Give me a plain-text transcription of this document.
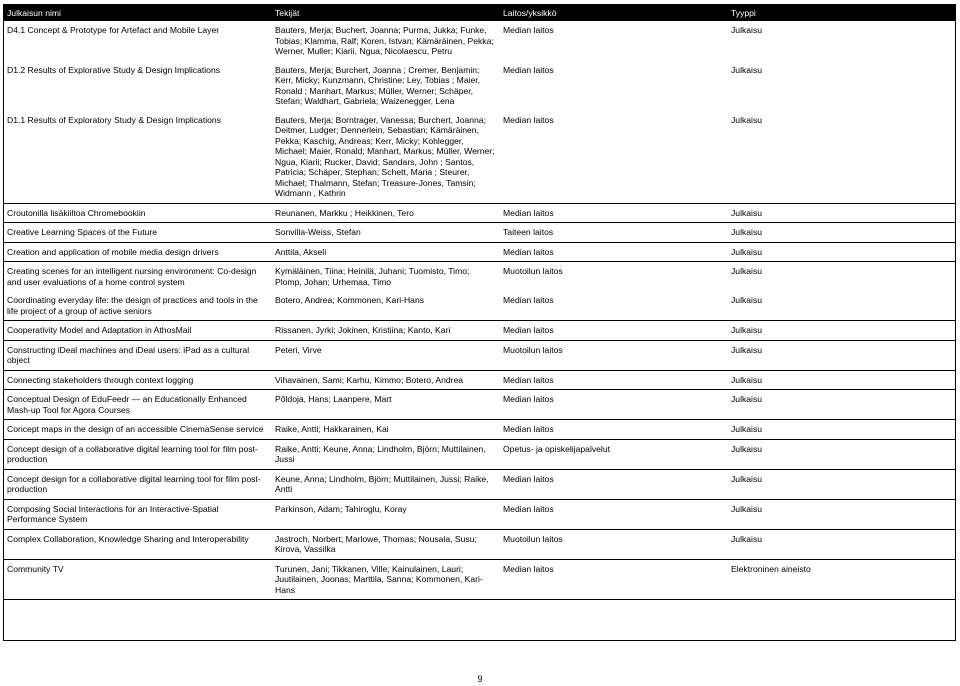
Julkaisun nimi	Tekijät	Laitos/yksikkö	Tyyppi

D4.1 Concept & Prototype for Artefact and Mobile Layer	Bauters, Merja; Buchert, Joanna; Purma, Jukka; Funke, Tobias; Klamma, Ralf; Koren, Istvan; Kämäräinen, Pekka; Werner, Muller; Kiarii, Ngua; Nicolaescu, Petru	Median laitos	Julkaisu

D1.2 Results of Explorative Study & Design Implications	Bauters, Merja; Burchert, Joanna ; Cremer, Benjamin; Kerr, Micky; Kunzmann, Christine; Ley, Tobias ; Maier, Ronald ; Manhart, Markus; Müller, Werner; Schäper, Stefan; Waldhart, Gabriela; Waizenegger, Lena	Median laitos	Julkaisu

D1.1 Results of Exploratory Study & Design Implications	Bauters, Merja; Borntrager, Vanessa; Burchert, Joanna; Deitmer, Ludger; Dennerlein, Sebastian; Kämäräinen, Pekka; Kaschig, Andreas; Kerr, Micky; Kohlegger, Michael; Maier, Ronald; Manhart, Markus; Müller, Werner; Ngua, Kiarii; Rucker, David; Sandars, John ; Santos, Patricia; Schäper, Stephan; Schett, Maria ; Steurer, Michael; Thalmann, Stefan; Treasure-Jones, Tamsin; Widmann , Kathrin	Median laitos	Julkaisu

Croutonilla lisäkiiltoa Chromebookiin	Reunanen, Markku ; Heikkinen, Tero	Median laitos	Julkaisu

Creative Learning Spaces of the Future	Sonvilla-Weiss, Stefan	Taiteen laitos	Julkaisu

Creation and application of mobile media design drivers	Anttila, Akseli	Median laitos	Julkaisu

Creating scenes for an intelligent nursing environment: Co-design and user evaluations of a home control system	Kymäläinen, Tiina; Heinilä, Juhani; Tuomisto, Timo; Plomp, Johan; Urhemaa, Timo	Muotoilun laitos	Julkaisu

Coordinating everyday life: the design of practices and tools in the life project of a group of active seniors	Botero, Andrea; Kommonen, Kari-Hans	Median laitos	Julkaisu

Cooperativity Model and Adaptation in AthosMail	Rissanen, Jyrki; Jokinen, Kristiina; Kanto, Kari	Median laitos	Julkaisu

Constructing iDeal machines and iDeal users: iPad as a cultural object	Peteri, Virve	Muotoilun laitos	Julkaisu

Connecting stakeholders through context logging	Vihavainen, Sami; Karhu, Kimmo; Botero, Andrea	Median laitos	Julkaisu

Conceptual Design of EduFeedr — an Educationally Enhanced Mash-up Tool for Agora Courses	Põldoja, Hans; Laanpere, Mart	Median laitos	Julkaisu

Concept maps in the design of an accessible CinemaSense service	Raike, Antti; Hakkarainen, Kai	Median laitos	Julkaisu

Concept design of a collaborative digital learning tool for film post-production	Raike, Antti; Keune, Anna; Lindholm, Björn; Muttilainen, Jussi	Opetus- ja opiskelijapalvelut	Julkaisu

Concept design for a collaborative digital learning tool for film post-production	Keune, Anna; Lindholm, Björn; Muttilainen, Jussi; Raike, Antti	Median laitos	Julkaisu

Composing Social Interactions for an Interactive-Spatial Performance System	Parkinson, Adam; Tahiroglu, Koray	Median laitos	Julkaisu

Complex Collaboration, Knowledge Sharing and Interoperability	Jastroch, Norbert; Marlowe, Thomas; Nousala, Susu; Kirova, Vassilka	Muotoilun laitos	Julkaisu

Community TV	Turunen, Jani; Tikkanen, Ville; Kainulainen, Lauri; Juutilainen, Joonas; Marttila, Sanna; Kommonen, Kari-Hans	Median laitos	Elektroninen aineisto

9
